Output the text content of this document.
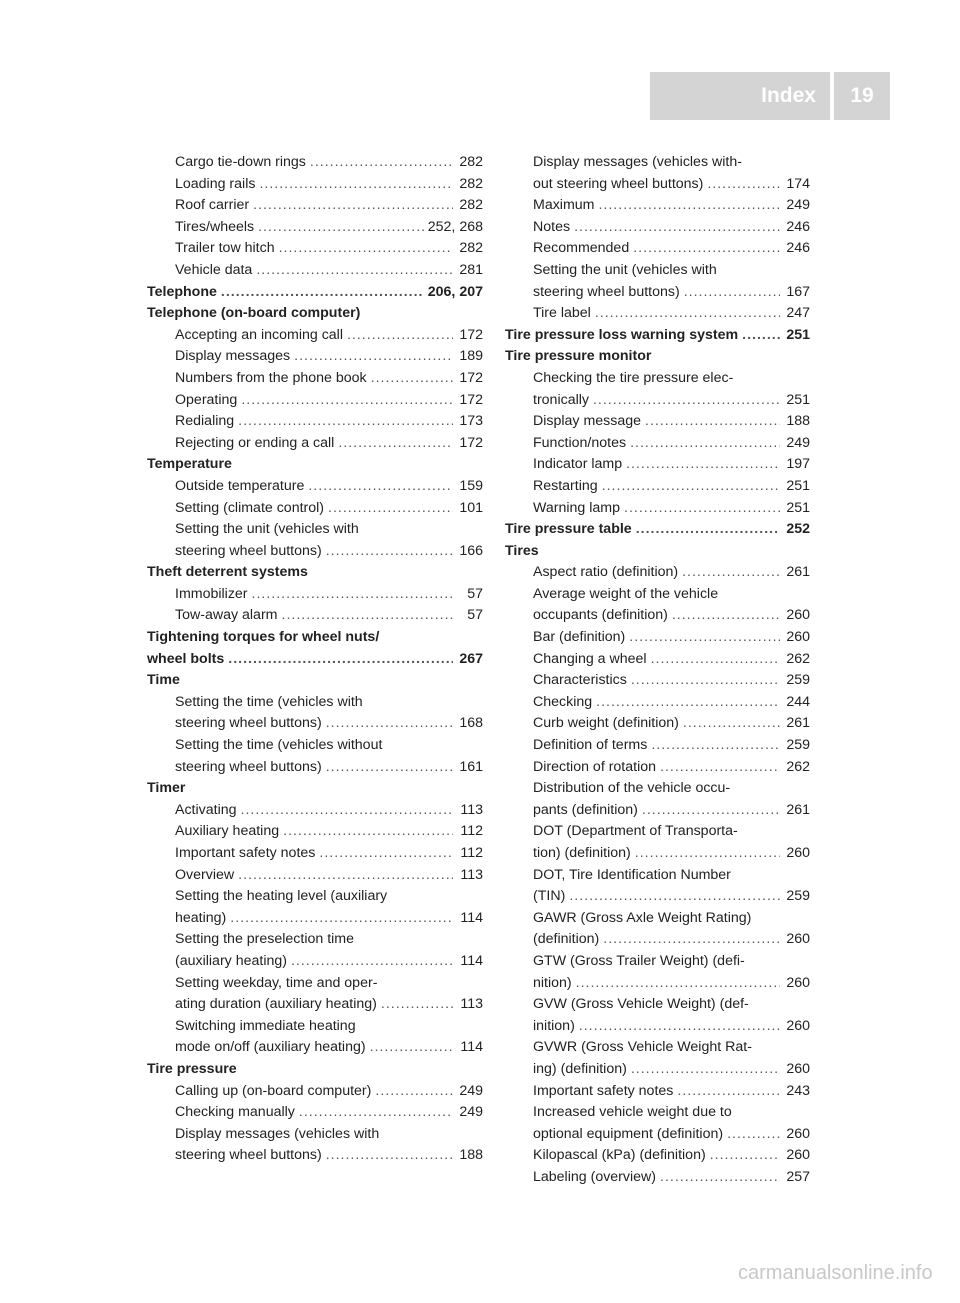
Index	19
Cargo tie-down rings .....	282
Loading rails .....	282
Roof carrier .....	282
Tires/wheels .....	252, 268
Trailer tow hitch .....	282
Vehicle data .....	281
Telephone .....	206, 207
Telephone (on-board computer)
Accepting an incoming call .....	172
Display messages .....	189
Numbers from the phone book .....	172
Operating .....	172
Redialing .....	173
Rejecting or ending a call .....	172
Temperature
Outside temperature .....	159
Setting (climate control) .....	101
Setting the unit (vehicles with
steering wheel buttons) .....	166
Theft deterrent systems
Immobilizer .....	57
Tow-away alarm .....	57
Tightening torques for wheel nuts/
wheel bolts .....	267
Time
Setting the time (vehicles with
steering wheel buttons) .....	168
Setting the time (vehicles without
steering wheel buttons) .....	161
Timer
Activating .....	113
Auxiliary heating .....	112
Important safety notes .....	112
Overview .....	113
Setting the heating level (auxiliary
heating) .....	114
Setting the preselection time
(auxiliary heating) .....	114
Setting weekday, time and oper-
ating duration (auxiliary heating) .....	113
Switching immediate heating
mode on/off (auxiliary heating) .....	114
Tire pressure
Calling up (on-board computer) .....	249
Checking manually .....	249
Display messages (vehicles with
steering wheel buttons) .....	188
Display messages (vehicles with-
out steering wheel buttons) .....	174
Maximum .....	249
Notes .....	246
Recommended .....	246
Setting the unit (vehicles with
steering wheel buttons) .....	167
Tire label .....	247
Tire pressure loss warning system .....	251
Tire pressure monitor
Checking the tire pressure elec-
tronically .....	251
Display message .....	188
Function/notes .....	249
Indicator lamp .....	197
Restarting .....	251
Warning lamp .....	251
Tire pressure table .....	252
Tires
Aspect ratio (definition) .....	261
Average weight of the vehicle
occupants (definition) .....	260
Bar (definition) .....	260
Changing a wheel .....	262
Characteristics .....	259
Checking .....	244
Curb weight (definition) .....	261
Definition of terms .....	259
Direction of rotation .....	262
Distribution of the vehicle occu-
pants (definition) .....	261
DOT (Department of Transporta-
tion) (definition) .....	260
DOT, Tire Identification Number
(TIN) .....	259
GAWR (Gross Axle Weight Rating)
(definition) .....	260
GTW (Gross Trailer Weight) (defi-
nition) .....	260
GVW (Gross Vehicle Weight) (def-
inition) .....	260
GVWR (Gross Vehicle Weight Rat-
ing) (definition) .....	260
Important safety notes .....	243
Increased vehicle weight due to
optional equipment (definition) .....	260
Kilopascal (kPa) (definition) .....	260
Labeling (overview) .....	257
carmanualsonline.info
